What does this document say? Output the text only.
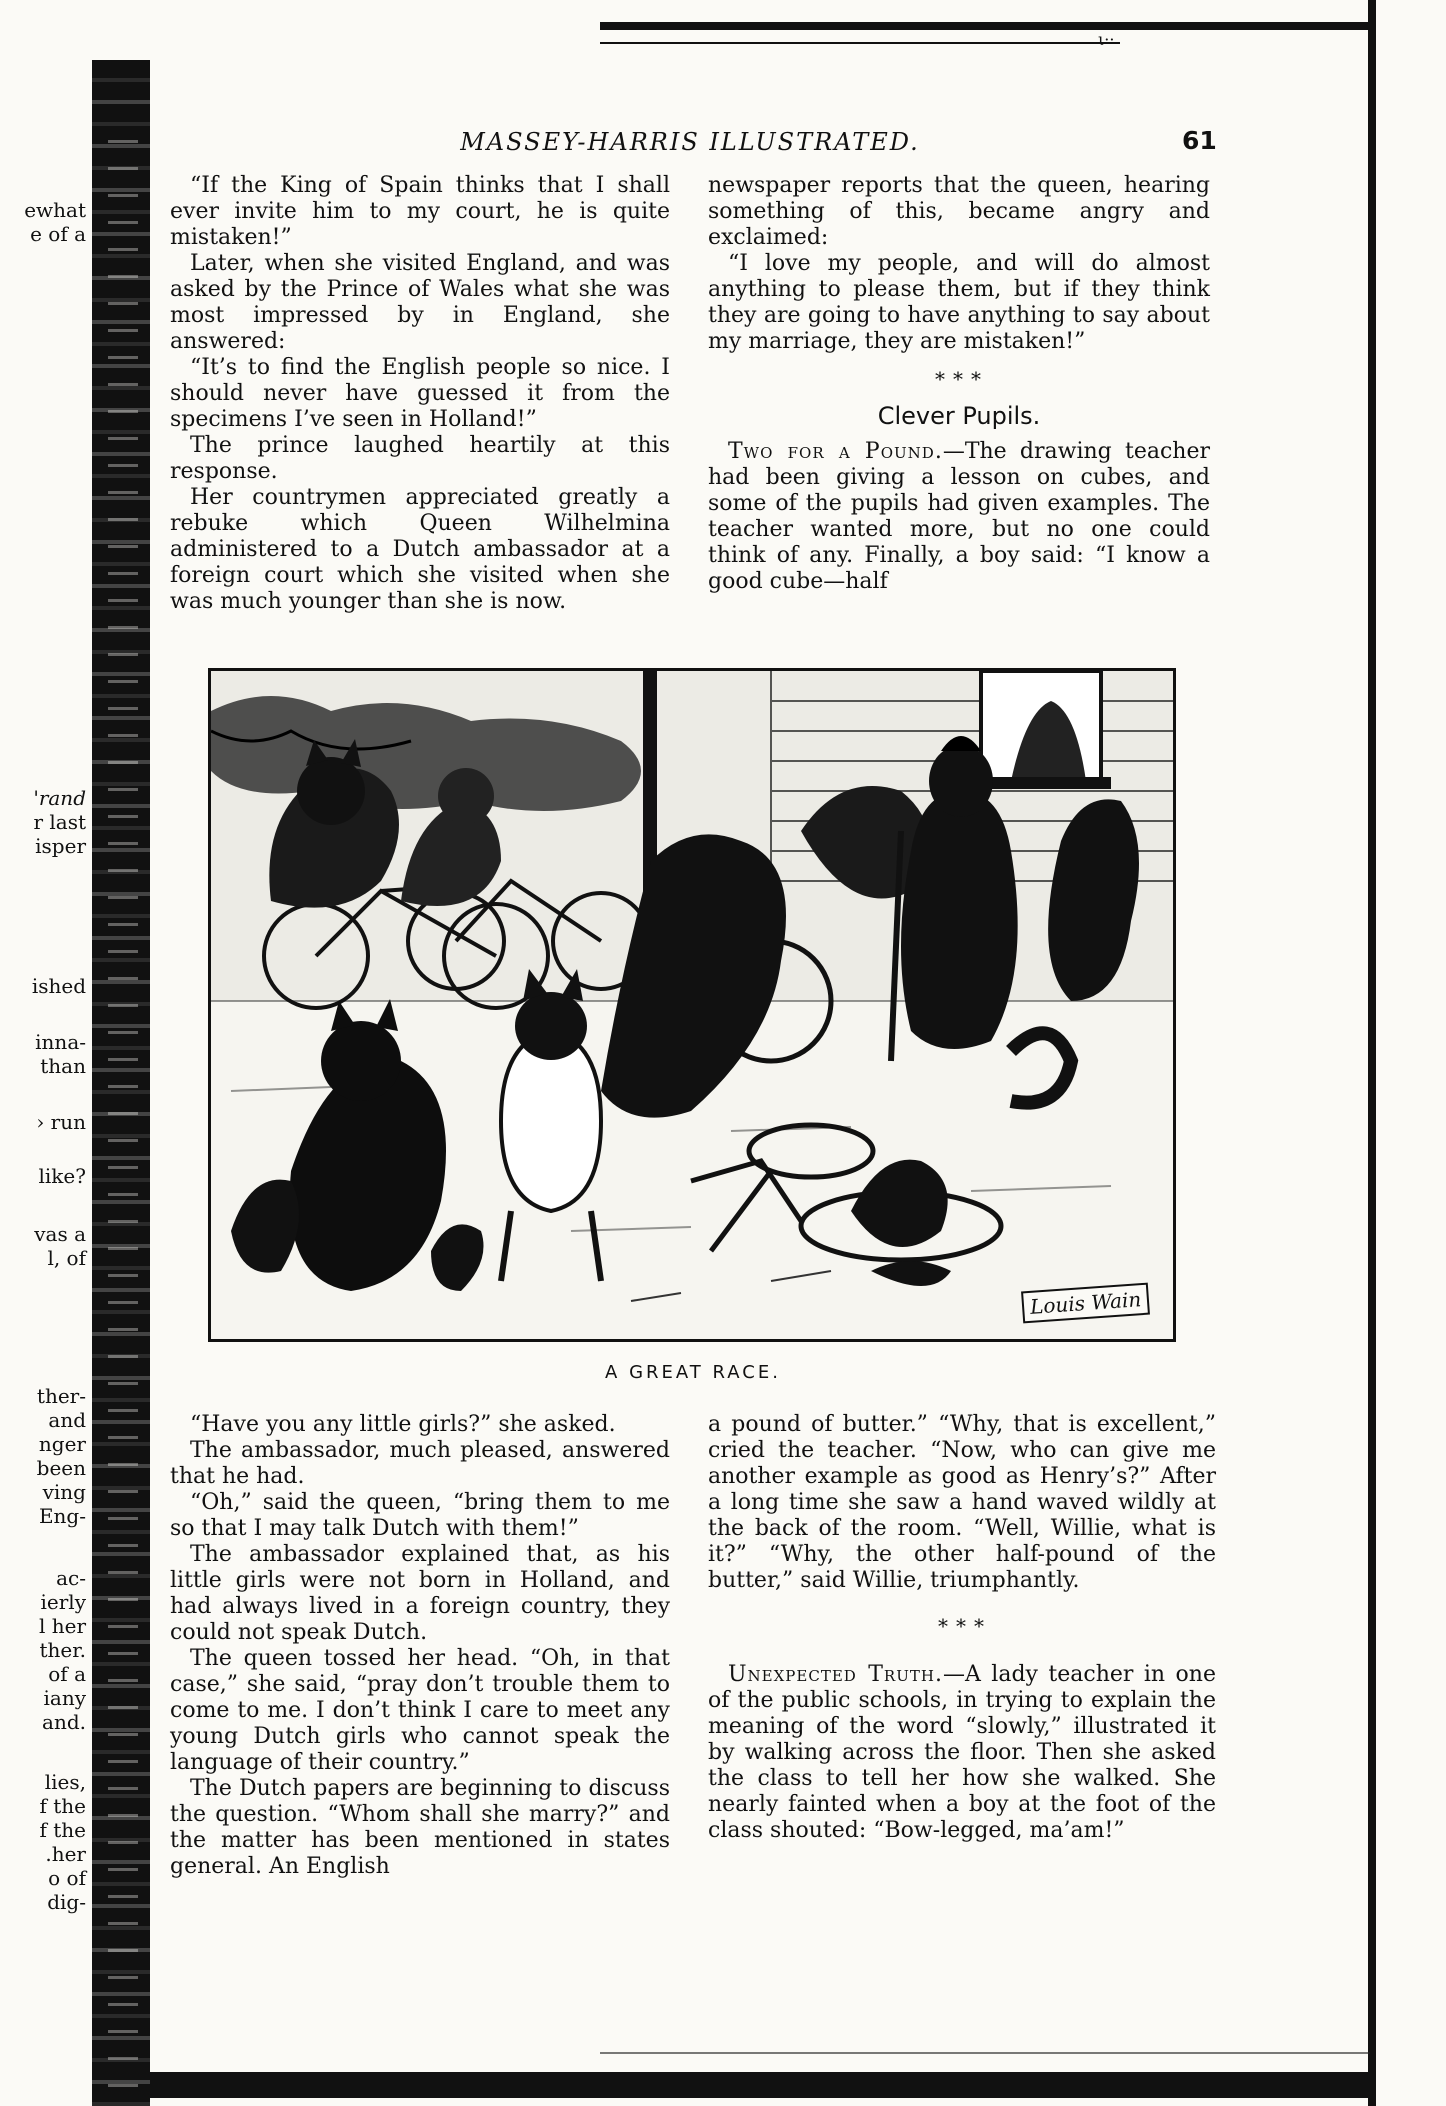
ι··
MASSEY-HARRIS ILLUSTRATED.	61
ewhat
e of a
'rand
r last
isper
ished
inna-
than
› run
like?
vas a
l, of
ther-
and
nger
been
ving
Eng-
ac-
ierly
l her
ther.
of a
iany
and.
lies,
f the
f the
.her
o of
dig-

“If the King of Spain thinks that I shall ever invite him to my court, he is quite mistaken!”

Later, when she visited England, and was asked by the Prince of Wales what she was most impressed by in England, she answered:

“It’s to find the English people so nice. I should never have guessed it from the specimens I’ve seen in Holland!”

The prince laughed heartily at this response.

Her countrymen appreciated greatly a rebuke which Queen Wilhelmina administered to a Dutch ambassador at a foreign court which she visited when she was much younger than she is now.

newspaper reports that the queen, hearing something of this, became angry and exclaimed:

“I love my people, and will do almost anything to please them, but if they think they are going to have anything to say about my marriage, they are mistaken!”

* * *
Clever Pupils.

Two for a Pound.—The drawing teacher had been giving a lesson on cubes, and some of the pupils had given examples. The teacher wanted more, but no one could think of any. Finally, a boy said: “I know a good cube—half

Louis Wain
A GREAT RACE.

“Have you any little girls?” she asked.

The ambassador, much pleased, answered that he had.

“Oh,” said the queen, “bring them to me so that I may talk Dutch with them!”

The ambassador explained that, as his little girls were not born in Holland, and had always lived in a foreign country, they could not speak Dutch.

The queen tossed her head. “Oh, in that case,” she said, “pray don’t trouble them to come to me. I don’t think I care to meet any young Dutch girls who cannot speak the language of their country.”

The Dutch papers are beginning to discuss the question. “Whom shall she marry?” and the matter has been mentioned in states general. An English

a pound of butter.” “Why, that is excellent,” cried the teacher. “Now, who can give me another example as good as Henry’s?” After a long time she saw a hand waved wildly at the back of the room. “Well, Willie, what is it?” “Why, the other half-pound of the butter,” said Willie, triumphantly.

* * *

Unexpected Truth.—A lady teacher in one of the public schools, in trying to explain the meaning of the word “slowly,” illustrated it by walking across the floor. Then she asked the class to tell her how she walked. She nearly fainted when a boy at the foot of the class shouted: “Bow-legged, ma’am!”
